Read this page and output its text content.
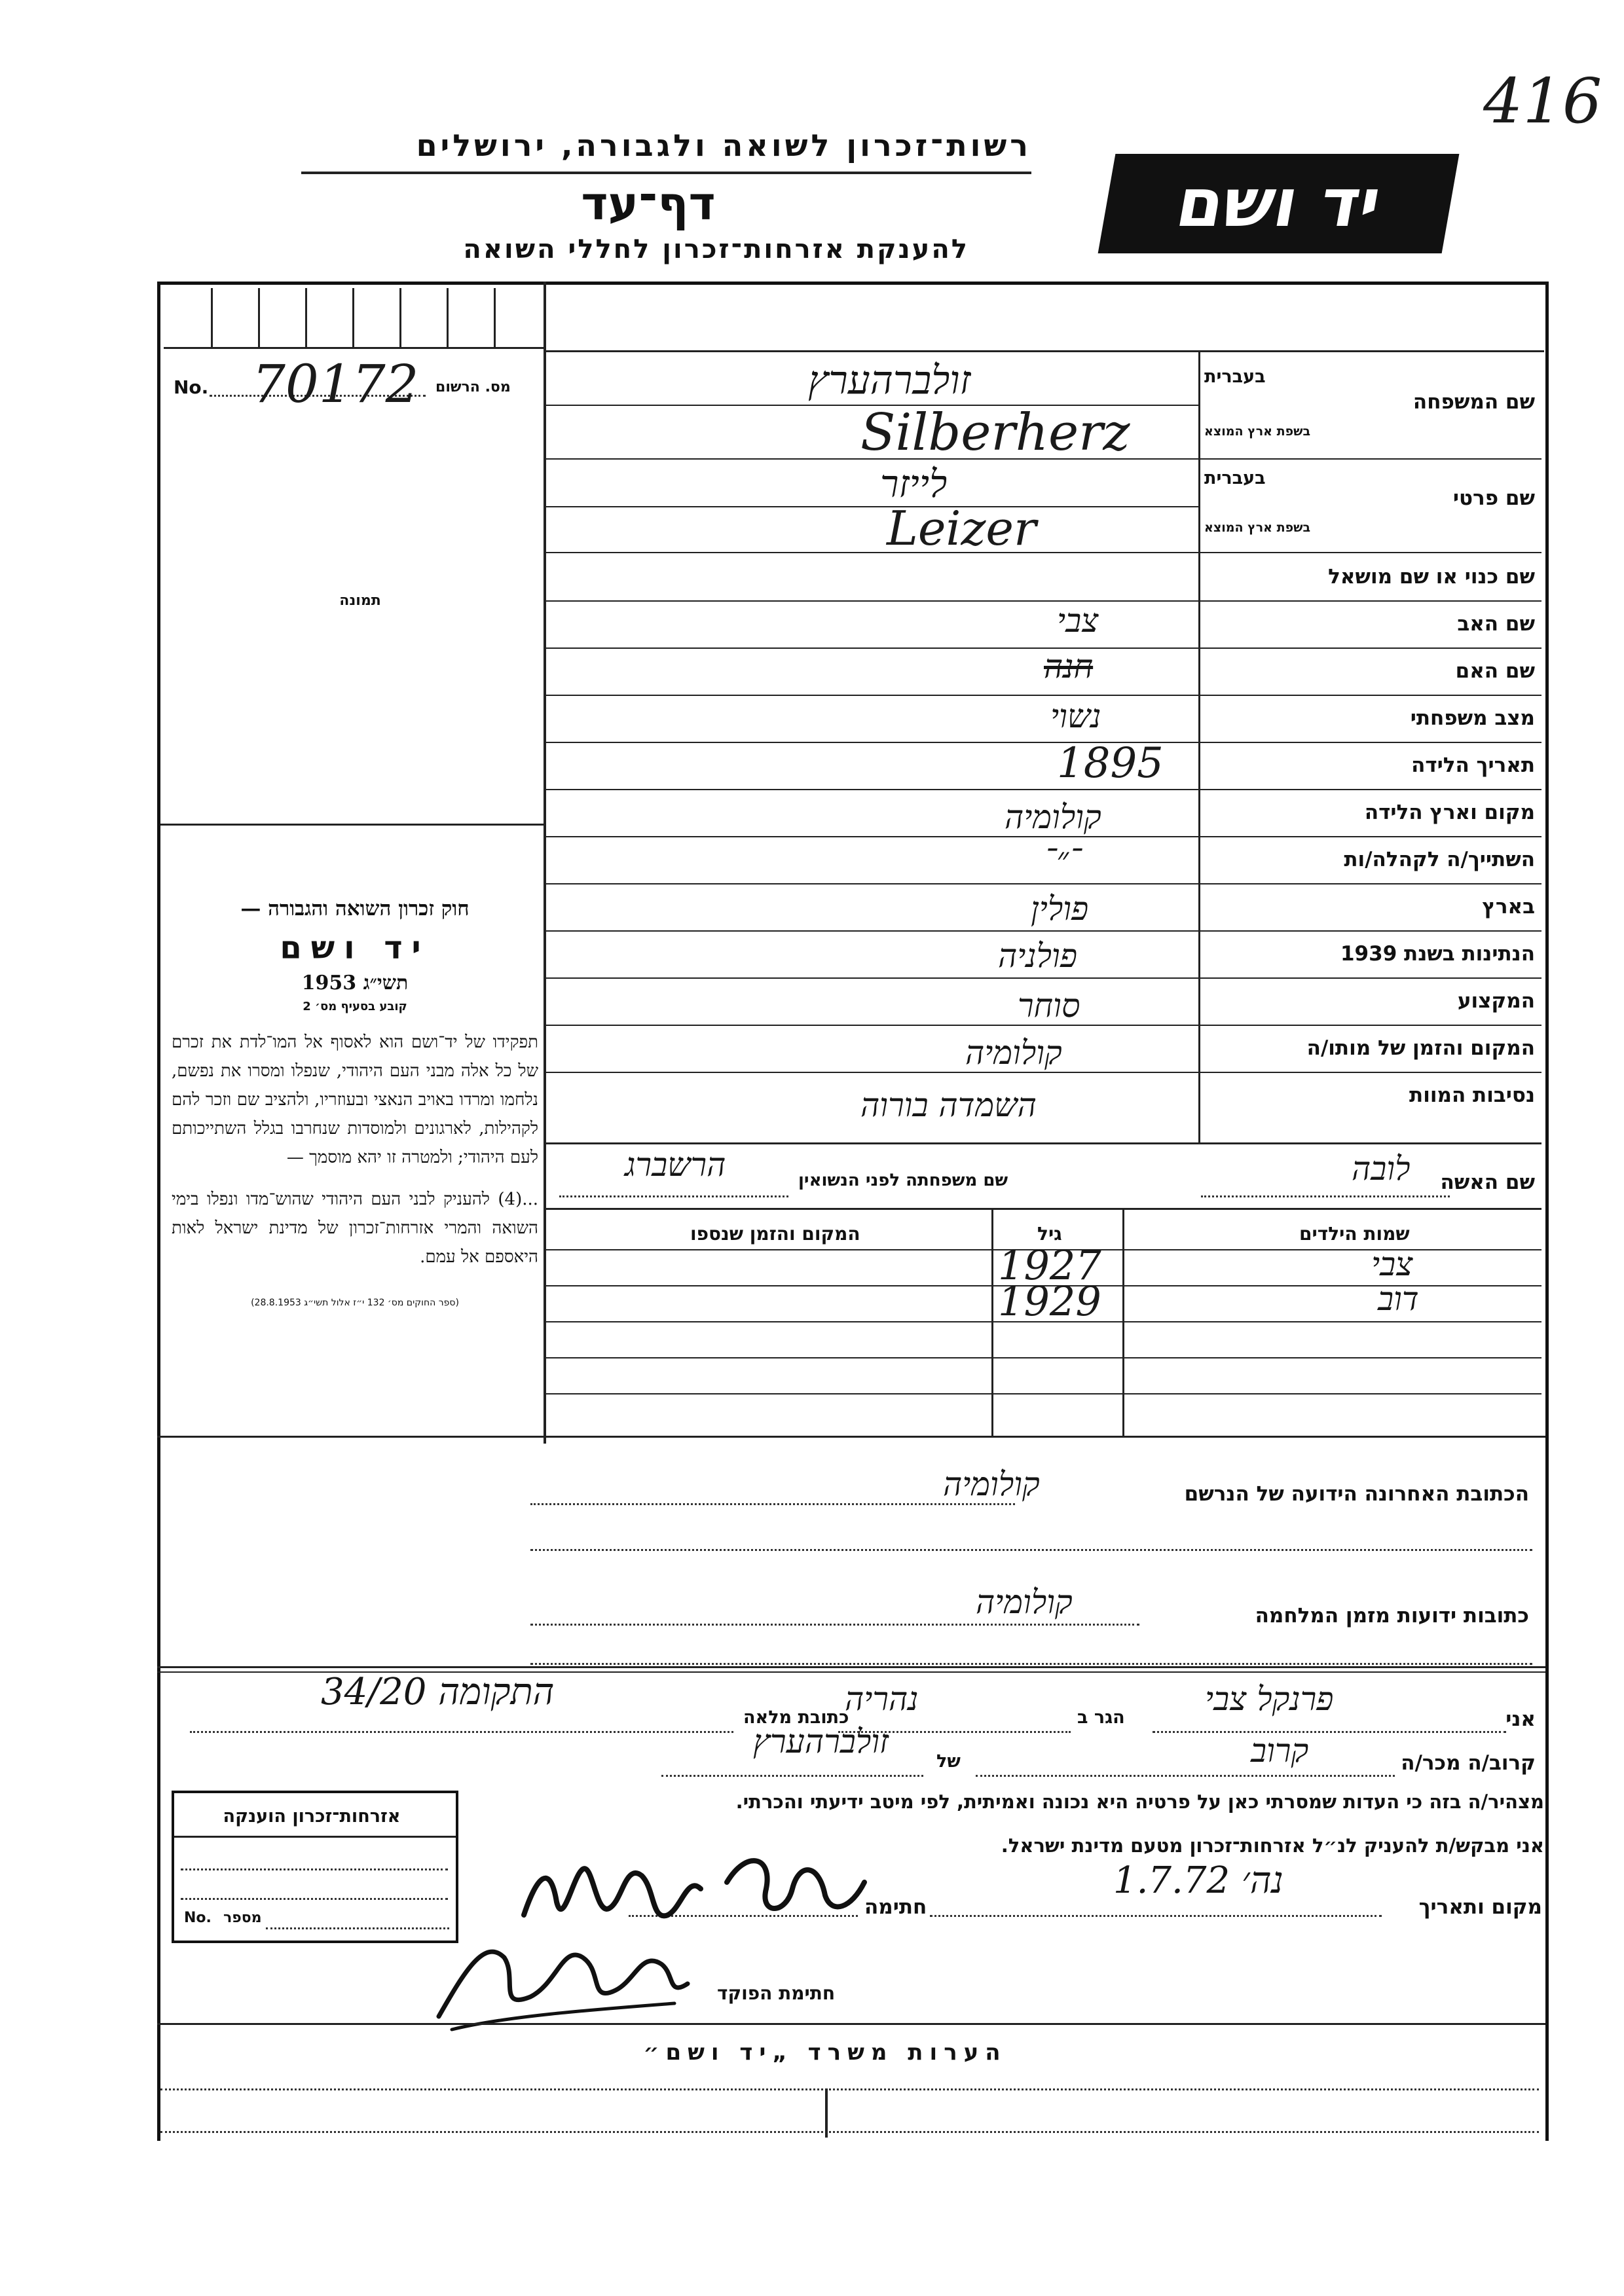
416
יד ושם
רשות־זכרון לשואה ולגבורה, ירושלים
דף־עד
להענקת אזרחות־זכרון לחללי השואה
No. 70172 מס. הרשום
תמונה
חוק זכרון השואה והגבורה —
יד ושם
תשי״ג 1953
קובע בסעיף מס׳ 2
תפקידו של יד־ושם הוא לאסוף אל המו־לדת את זכרם של כל אלה מבני העם היהודי, שנפלו ומסרו את נפשם, נלחמו ומרדו באויב הנאצי ובעוזריו, ולהציב שם וזכר להם לקהילות, לארגונים ולמוסדות שנחרבו בגלל השתייכותם לעם היהודי; ולמטרה זו יהא מוסמך —
...(4) להעניק לבני העם היהודי שהוש־מדו ונפלו בימי השואה והמרי אזרחות־זכרון של מדינת ישראל לאות היאספם אל עמם.
(ספר החוקים מס׳ 132 י״ז אלול תשי״ג 28.8.1953)
שם המשפחה
בעברית
בשפת ארץ המוצא
זולברהערץ
Silberherz
שם פרטי
בעברית
בשפת ארץ המוצא
לייזר
Leizer
שם כנוי או שם מושאל
שם האב
צבי
שם האם
חנה
מצב משפחתי
נשוי
תאריך הלידה
1895
מקום וארץ הלידה
קולומיה
השתייך/ה לקהלה/ות
־״־
בארץ
פולין
הנתינות בשנת 1939
פולניה
המקצוע
סוחר
המקום והזמן של מותו/ה
קולומיה
נסיבות המוות
השמדה בורוה
שם האשה
לובה
שם משפחתה לפני הנשואין
הרשברג
שמות הילדים
גיל
המקום והזמן שנספו
צבי
1927
דוב
1929
הכתובת האחרונה הידועה של הנרשם
קולומיה
כתובות ידועות מזמן המלחמה
קולומיה
אני
פרנקל צבי
הגר ב
נהריה
כתובת מלאה
התקומה 34/20
קרוב/ה מכר/ה
קרוב
של
זולברהערץ
מצהיר/ה בזה כי העדות שמסרתי כאן על פרטיה היא נכונה ואמיתית, לפי מיטב ידיעתי והכרתי.
אני מבקש/ת להעניק לנ״ל אזרחות־זכרון מטעם מדינת ישראל.
אזרחות־זכרון הוענקה
No. מספר	מקום ותאריך
נה׳ 1.7.72
חתימה
חתימת הפוקד
הערות משרד „יד ושם״
